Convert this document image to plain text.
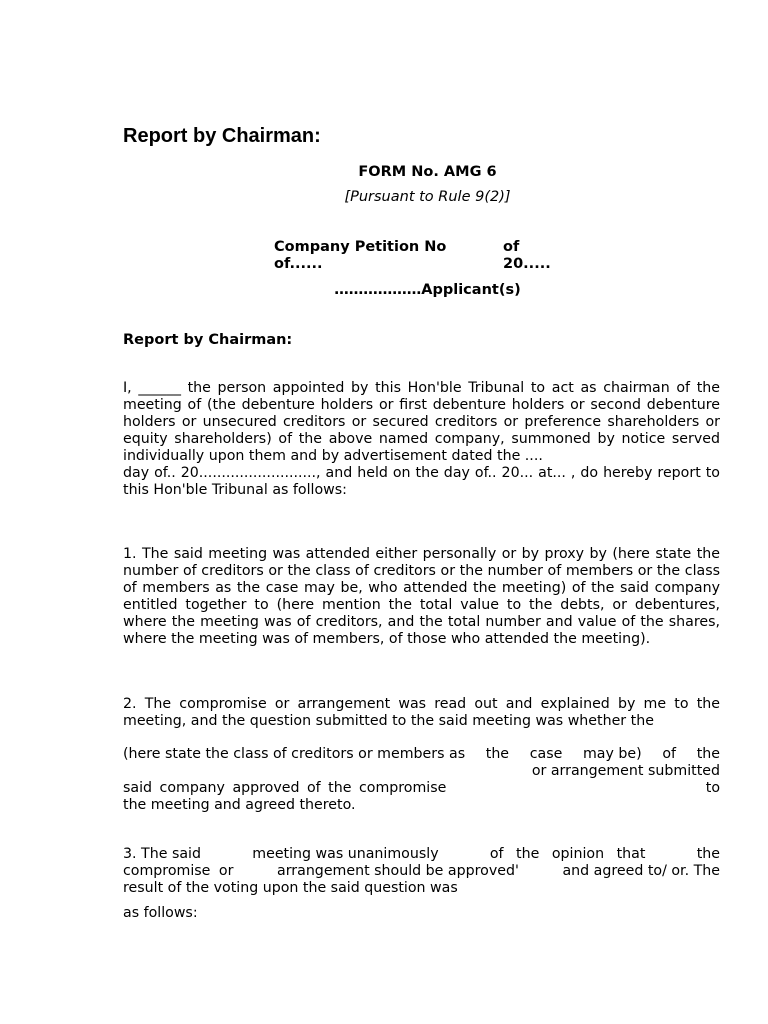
Report by Chairman:
FORM No. AMG 6
[Pursuant to Rule 9(2)]
Company Petition No
of......
of
20.....
………………Applicant(s)
Report by Chairman:

I, ______ the person appointed by this Hon'ble Tribunal to act as chairman of the meeting of (the debenture holders or first debenture holders or second debenture holders or unsecured creditors or secured creditors or preference shareholders or equity shareholders) of the above named company, summoned by notice served individually upon them and by advertisement dated the ....

day of.. 20.........................., and held on the day of.. 20... at... , do hereby report to this Hon'ble Tribunal as follows:

1. The said meeting was attended either personally or by proxy by (here state the number of creditors or the class of creditors or the number of members or the class of members as the case may be, who attended the meeting) of the said company entitled together to (here mention the total value to the debts, or debentures, where the meeting was of creditors, and the total number and value of the shares, where the meeting was of members, of those who attended the meeting).

2. The compromise or arrangement was read out and explained by me to the meeting, and the question submitted to the said meeting was whether the

(here state the class of creditors or members as the case may be) of the
or arrangement submitted
said company approved of the compromise	to
the meeting and agreed thereto.
3. The said	meeting was unanimously	of the opinion that	the
compromise or	arrangement should be approved'	and agreed to/ or. The
result of the voting upon the said question was
as follows:
